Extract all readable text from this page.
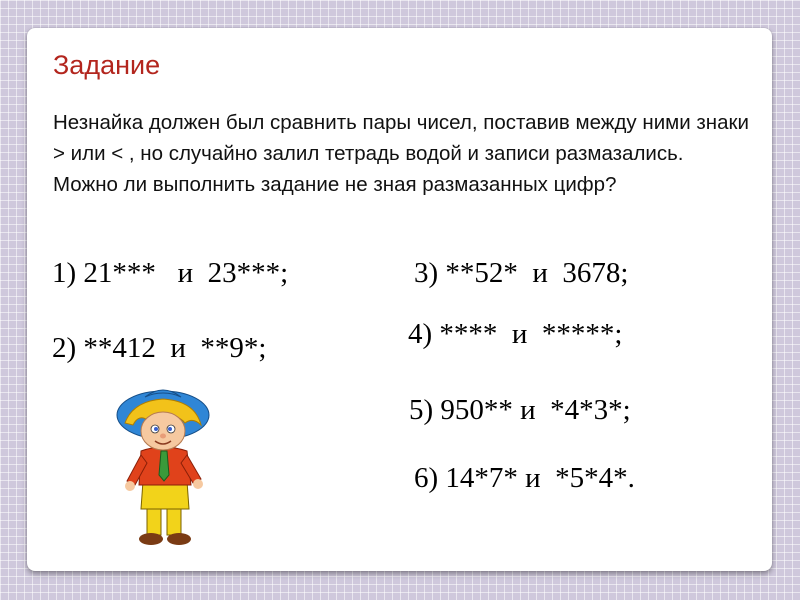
Задание

Незнайка должен был сравнить пары чисел, поставив между ними знаки > или < , но случайно залил тетрадь водой и записи размазались. Можно ли выполнить задание не зная размазанных цифр?

1) 21***   и  23***;

2) **412  и  **9*;

3) **52*  и  3678;

4) ****  и  *****;

5) 950** и  *4*3*;

6) 14*7* и  *5*4*.
